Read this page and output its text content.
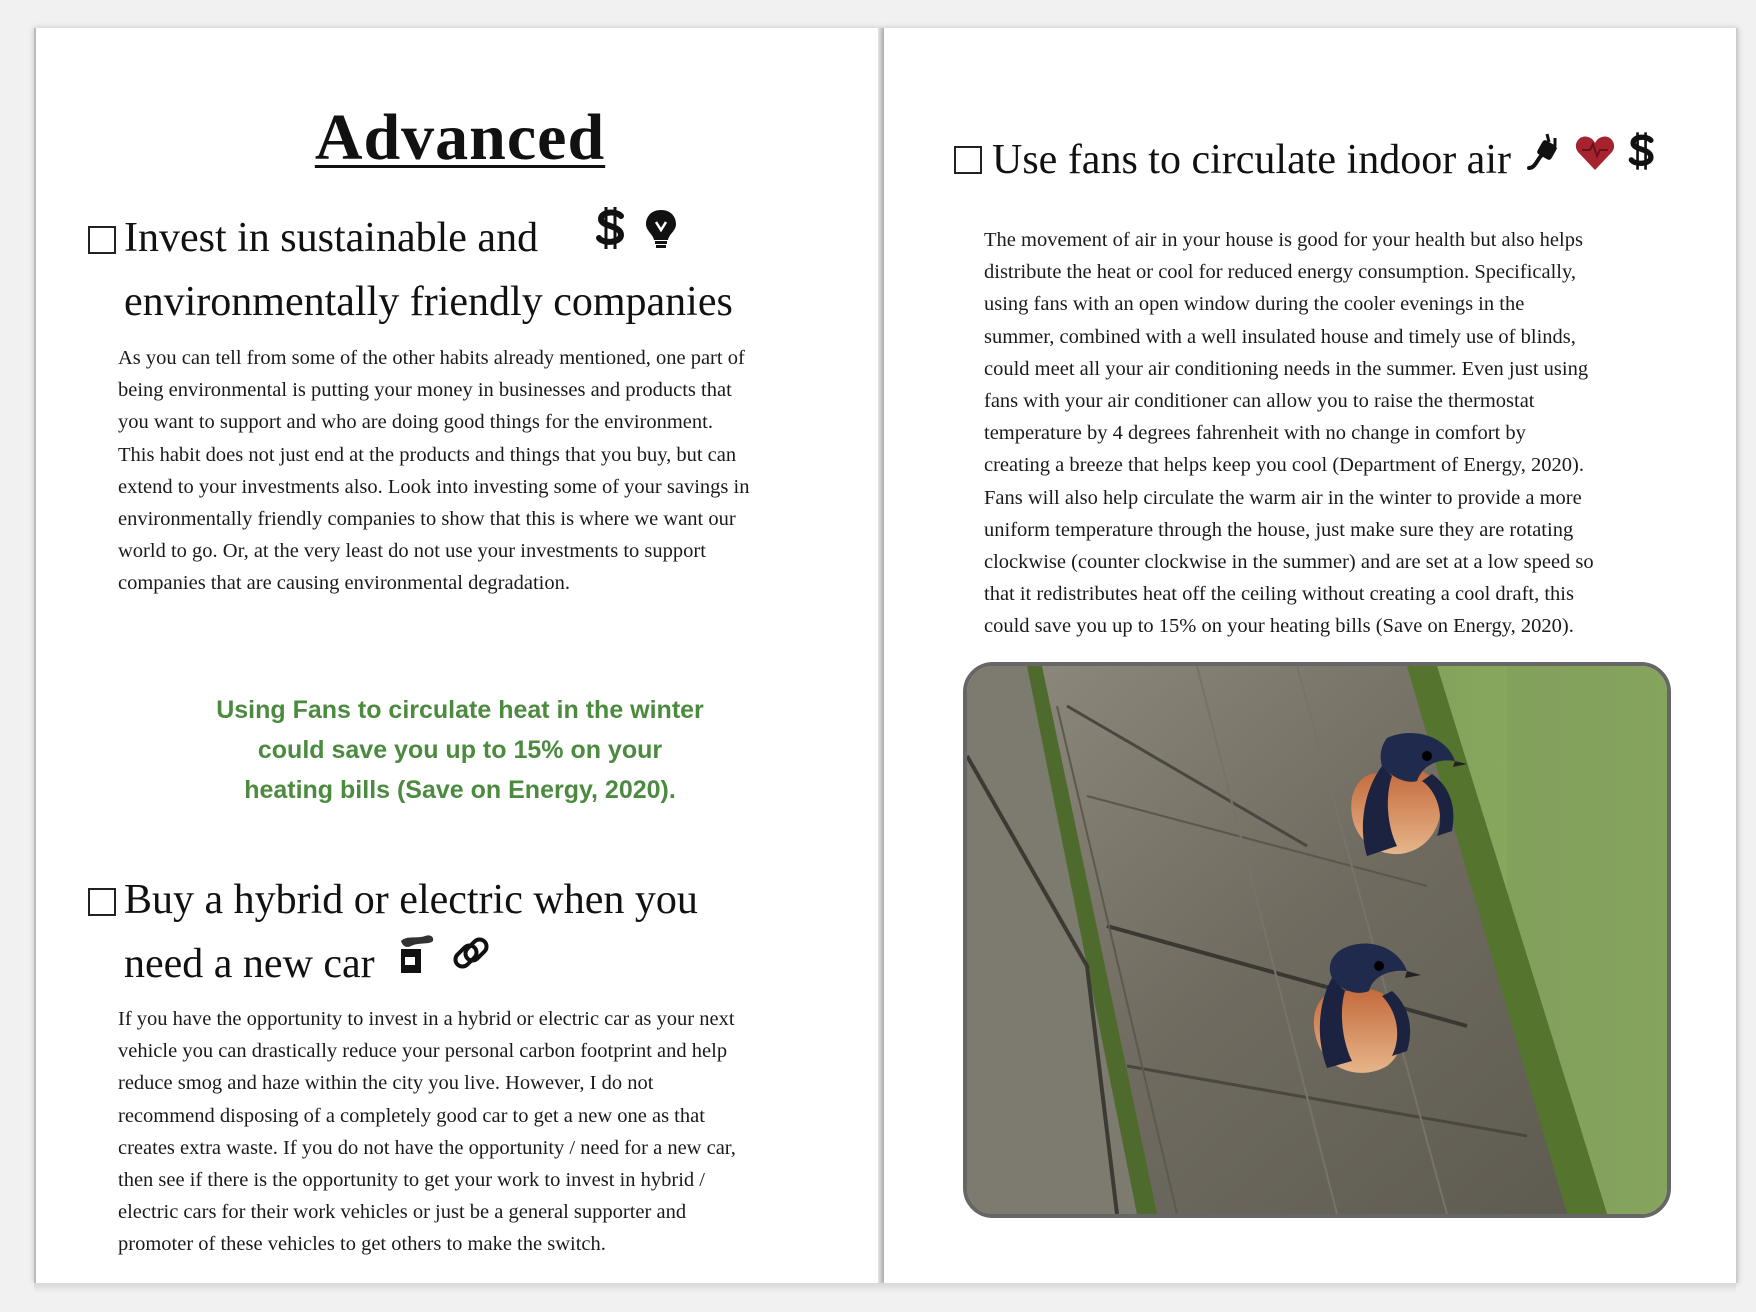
Advanced
Invest in sustainable and
environmentally friendly companies
As you can tell from some of the other habits already mentioned, one part of
being environmental is putting your money in businesses and products that
you want to support and who are doing good things for the environment.
This habit does not just end at the products and things that you buy, but can
extend to your investments also. Look into investing some of your savings in
environmentally friendly companies to show that this is where we want our
world to go. Or, at the very least do not use your investments to support
companies that are causing environmental degradation.
Using Fans to circulate heat in the winter
could save you up to 15% on your
heating bills (Save on Energy, 2020).
Buy a hybrid or electric when you
need a new car
If you have the opportunity to invest in a hybrid or electric car as your next
vehicle you can drastically reduce your personal carbon footprint and help
reduce smog and haze within the city you live. However, I do not
recommend disposing of a completely good car to get a new one as that
creates extra waste. If you do not have the opportunity / need for a new car,
then see if there is the opportunity to get your work to invest in hybrid /
electric cars for their work vehicles or just be a general supporter and
promoter of these vehicles to get others to make the switch.
Use fans to circulate indoor air
The movement of air in your house is good for your health but also helps
distribute the heat or cool for reduced energy consumption. Specifically,
using fans with an open window during the cooler evenings in the
summer, combined with a well insulated house and timely use of blinds,
could meet all your air conditioning needs in the summer. Even just using
fans with your air conditioner can allow you to raise the thermostat
temperature by 4 degrees fahrenheit with no change in comfort by
creating a breeze that helps keep you cool (Department of Energy, 2020).
Fans will also help circulate the warm air in the winter to provide a more
uniform temperature through the house, just make sure they are rotating
clockwise (counter clockwise in the summer) and are set at a low speed so
that it redistributes heat off the ceiling without creating a cool draft, this
could save you up to 15% on your heating bills (Save on Energy, 2020).
